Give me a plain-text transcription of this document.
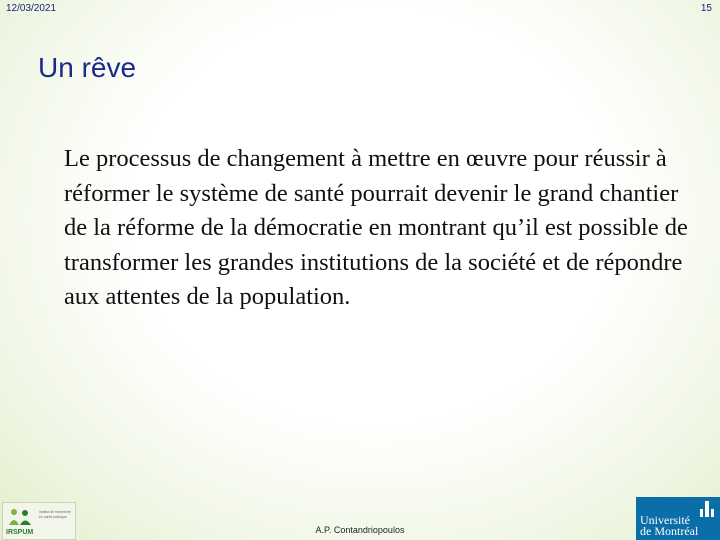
12/03/2021	15
Un rêve
Le processus de changement à mettre en œuvre pour réussir à réformer le système de santé pourrait devenir le grand chantier de la réforme de la démocratie en montrant qu’il est possible de transformer les grandes institutions de la société et de répondre aux attentes de la population.
IRSPUM
Institut de recherche en santé publique
A.P. Contandriopoulos
Université
de Montréal
